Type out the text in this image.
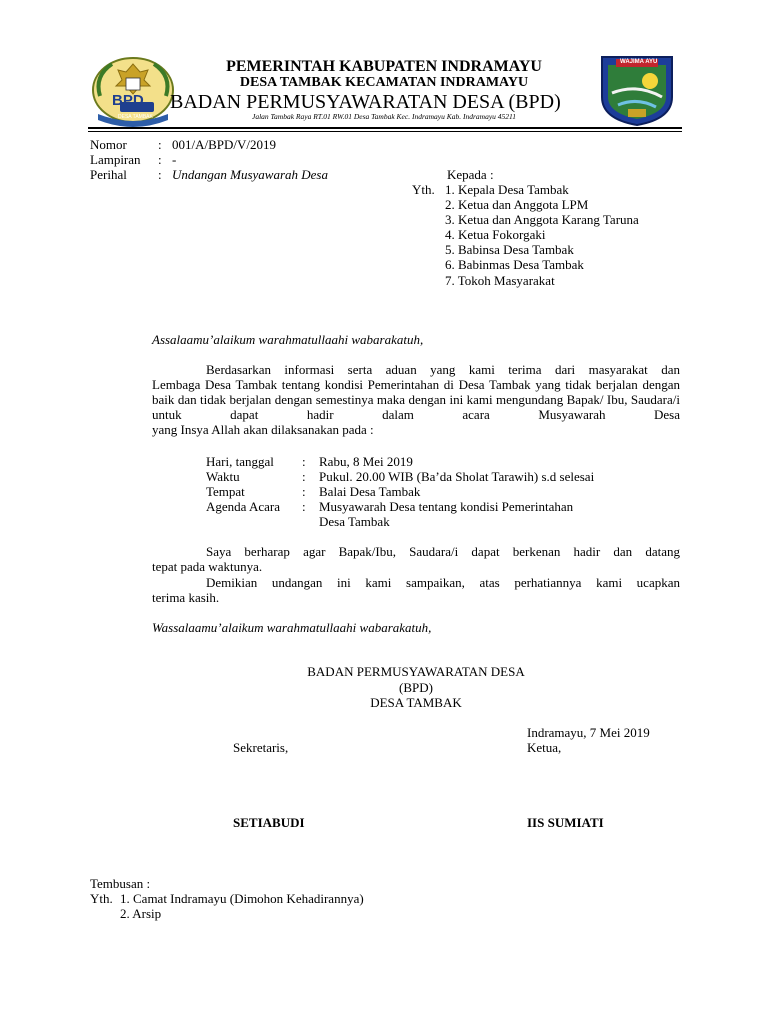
BPD
DESA TAMBAK
WAJIMA AYU
PEMERINTAH KABUPATEN INDRAMAYU
DESA TAMBAK KECAMATAN INDRAMAYU
BADAN PERMUSYAWARATAN DESA (BPD)
Jalan Tambak Raya RT.01 RW.01 Desa Tambak Kec. Indramayu Kab. Indramayu 45211
Nomor : 001/A/BPD/V/2019
Lampiran : -
Perihal : Undangan Musyawarah Desa	Kepada :
Yth. 1. Kepala Desa Tambak
2. Ketua dan Anggota LPM
3. Ketua dan Anggota Karang Taruna
4. Ketua Fokorgaki
5. Babinsa Desa Tambak
6. Babinmas Desa Tambak
7. Tokoh Masyarakat
Assalaamu’alaikum warahmatullaahi wabarakatuh,
Berdasarkan informasi serta aduan yang kami terima dari masyarakat dan
Lembaga Desa Tambak tentang kondisi Pemerintahan di Desa Tambak yang tidak berjalan dengan baik dan tidak berjalan dengan semestinya maka dengan ini kami mengundang Bapak/ Ibu, Saudara/i untuk dapat hadir dalam acara Musyawarah Desa
yang Insya Allah akan dilaksanakan pada :
Hari, tanggal : Rabu, 8 Mei 2019
Waktu	: Pukul. 20.00 WIB (Ba’da Sholat Tarawih) s.d selesai
Tempat	: Balai Desa Tambak
Agenda Acara : Musyawarah Desa tentang kondisi Pemerintahan
Desa Tambak
Saya berharap agar Bapak/Ibu, Saudara/i dapat berkenan hadir dan datang
tepat pada waktunya.
Demikian undangan ini kami sampaikan, atas perhatiannya kami ucapkan
terima kasih.
Wassalaamu’alaikum warahmatullaahi wabarakatuh,
BADAN PERMUSYAWARATAN DESA
(BPD)
DESA TAMBAK
Indramayu, 7 Mei 2019
Sekretaris,	Ketua,
SETIABUDI	IIS SUMIATI
Tembusan :
Yth. 1. Camat Indramayu (Dimohon Kehadirannya)
2. Arsip
